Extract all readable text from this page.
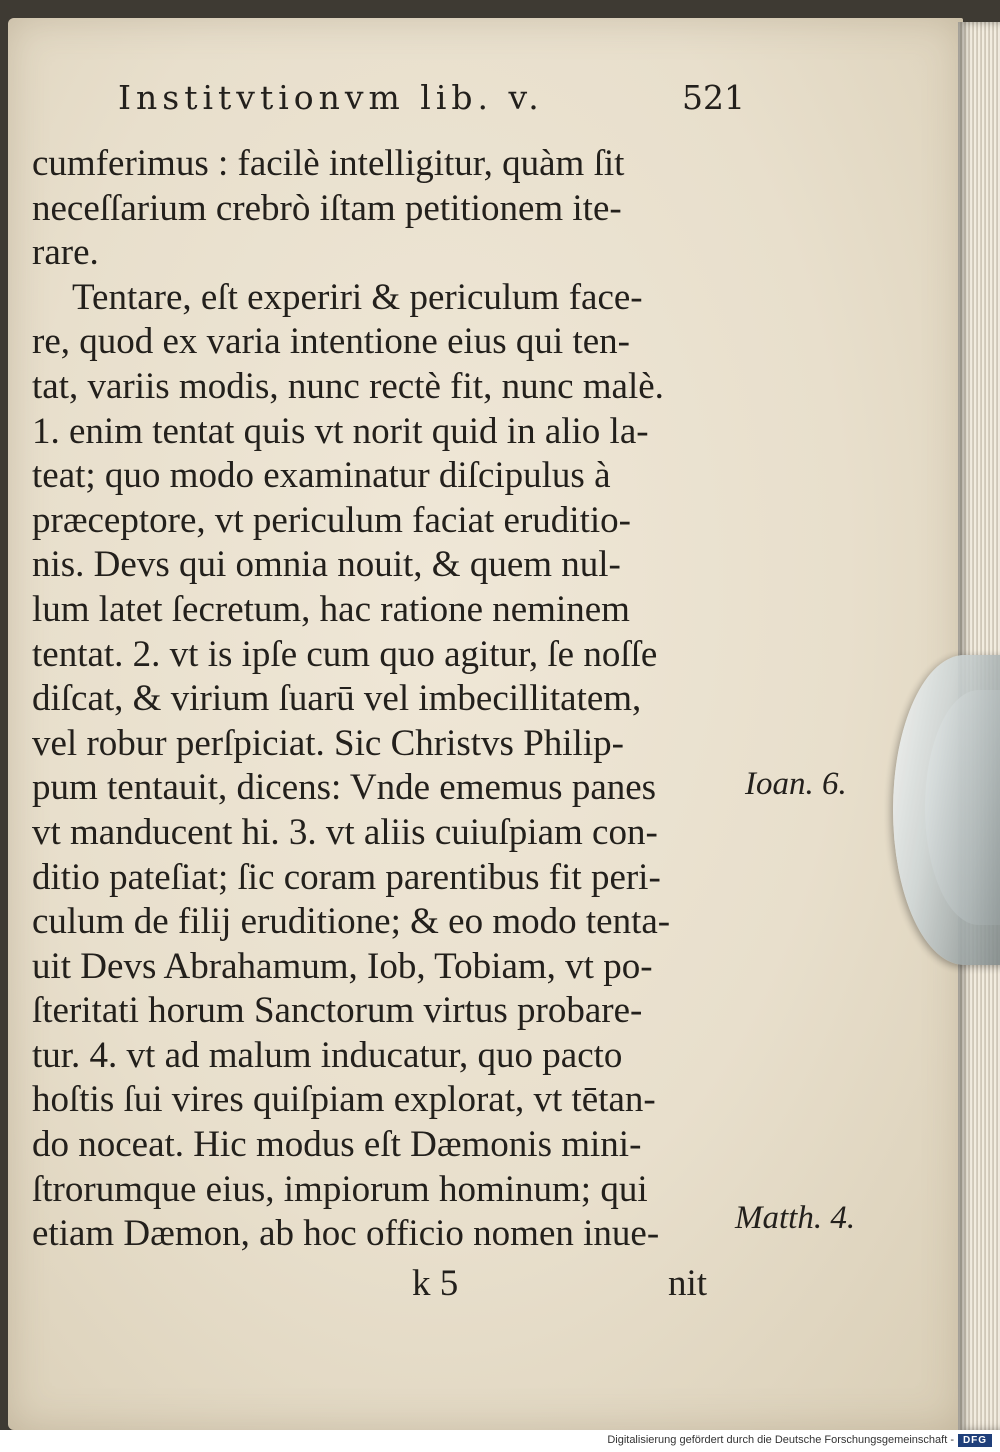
Institvtionvm lib. v.	521
cumferimus : facilè intelligitur, quàm ſit
neceſſarium crebrò iſtam petitionem ite-
rare.
Tentare, eſt experiri & periculum face-
re, quod ex varia intentione eius qui ten-
tat, variis modis, nunc rectè fit, nunc malè.
1. enim tentat quis vt norit quid in alio la-
teat; quo modo examinatur diſcipulus à
præceptore, vt periculum faciat eruditio-
nis. Devs qui omnia nouit, & quem nul-
lum latet ſecretum, hac ratione neminem
tentat. 2. vt is ipſe cum quo agitur, ſe noſſe
diſcat, & virium ſuarū vel imbecillitatem,
vel robur perſpiciat. Sic Christvs Philip-
pum tentauit, dicens: Vnde ememus panes
vt manducent hi. 3. vt aliis cuiuſpiam con-
ditio pateſiat; ſic coram parentibus fit peri-
culum de filij eruditione; & eo modo tenta-
uit Devs Abrahamum, Iob, Tobiam, vt po-
ſteritati horum Sanctorum virtus probare-
tur. 4. vt ad malum inducatur, quo pacto
hoſtis ſui vires quiſpiam explorat, vt tētan-
do noceat. Hic modus eſt Dæmonis mini-
ſtrorumque eius, impiorum hominum; qui
etiam Dæmon, ab hoc officio nomen inue-
Ioan. 6.
Matth. 4.
k 5	nit
Digitalisierung gefördert durch die Deutsche Forschungsgemeinschaft - DFG
